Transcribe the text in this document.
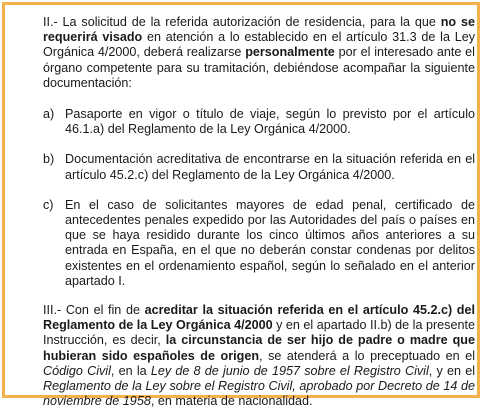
II.- La solicitud de la referida autorización de residencia, para la que no se requerirá visado en atención a lo establecido en el artículo 31.3 de la Ley Orgánica 4/2000, deberá realizarse personalmente por el interesado ante el órgano competente para su tramitación, debiéndose acompañar la siguiente documentación:

a) Pasaporte en vigor o título de viaje, según lo previsto por el artículo 46.1.a) del Reglamento de la Ley Orgánica 4/2000.
b) Documentación acreditativa de encontrarse en la situación referida en el artículo 45.2.c) del Reglamento de la Ley Orgánica 4/2000.
c) En el caso de solicitantes mayores de edad penal, certificado de antecedentes penales expedido por las Autoridades del país o países en que se haya residido durante los cinco últimos años anteriores a su entrada en España, en el que no deberán constar condenas por delitos existentes en el ordenamiento español, según lo señalado en el anterior apartado I.

III.- Con el fin de acreditar la situación referida en el artículo 45.2.c) del Reglamento de la Ley Orgánica 4/2000 y en el apartado II.b) de la presente Instrucción, es decir, la circunstancia de ser hijo de padre o madre que hubieran sido españoles de origen, se atenderá a lo preceptuado en el Código Civil, en la Ley de 8 de junio de 1957 sobre el Registro Civil, y en el Reglamento de la Ley sobre el Registro Civil, aprobado por Decreto de 14 de noviembre de 1958, en materia de nacionalidad.
